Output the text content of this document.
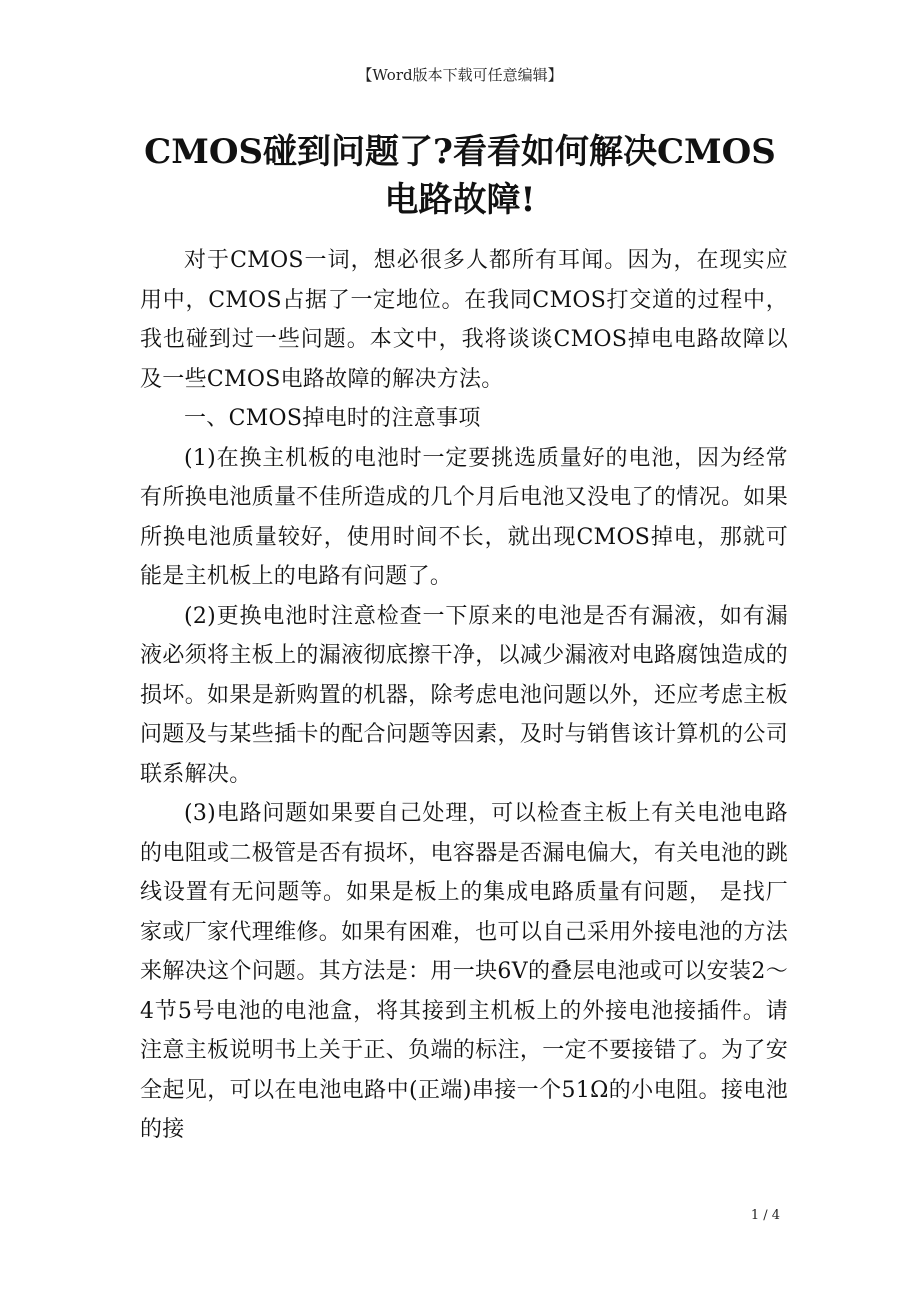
【Word版本下载可任意编辑】
CMOS碰到问题了?看看如何解决CMOS
电路故障!

对于CMOS一词，想必很多人都所有耳闻。因为，在现实应用中，CMOS占据了一定地位。在我同CMOS打交道的过程中，我也碰到过一些问题。本文中，我将谈谈CMOS掉电电路故障以及一些CMOS电路故障的解决方法。

一、CMOS掉电时的注意事项

(1)在换主机板的电池时一定要挑选质量好的电池，因为经常有所换电池质量不佳所造成的几个月后电池又没电了的情况。如果所换电池质量较好，使用时间不长，就出现CMOS掉电，那就可能是主机板上的电路有问题了。

(2)更换电池时注意检查一下原来的电池是否有漏液，如有漏液必须将主板上的漏液彻底擦干净，以减少漏液对电路腐蚀造成的损坏。如果是新购置的机器，除考虑电池问题以外，还应考虑主板问题及与某些插卡的配合问题等因素，及时与销售该计算机的公司联系解决。

(3)电路问题如果要自己处理，可以检查主板上有关电池电路的电阻或二极管是否有损坏，电容器是否漏电偏大，有关电池的跳线设置有无问题等。如果是板上的集成电路质量有问题， 是找厂家或厂家代理维修。如果有困难，也可以自己采用外接电池的方法来解决这个问题。其方法是：用一块6V的叠层电池或可以安装2～4节5号电池的电池盒，将其接到主机板上的外接电池接插件。请注意主板说明书上关于正、负端的标注，一定不要接错了。为了安全起见，可以在电池电路中(正端)串接一个51Ω的小电阻。接电池的接

1 / 4
